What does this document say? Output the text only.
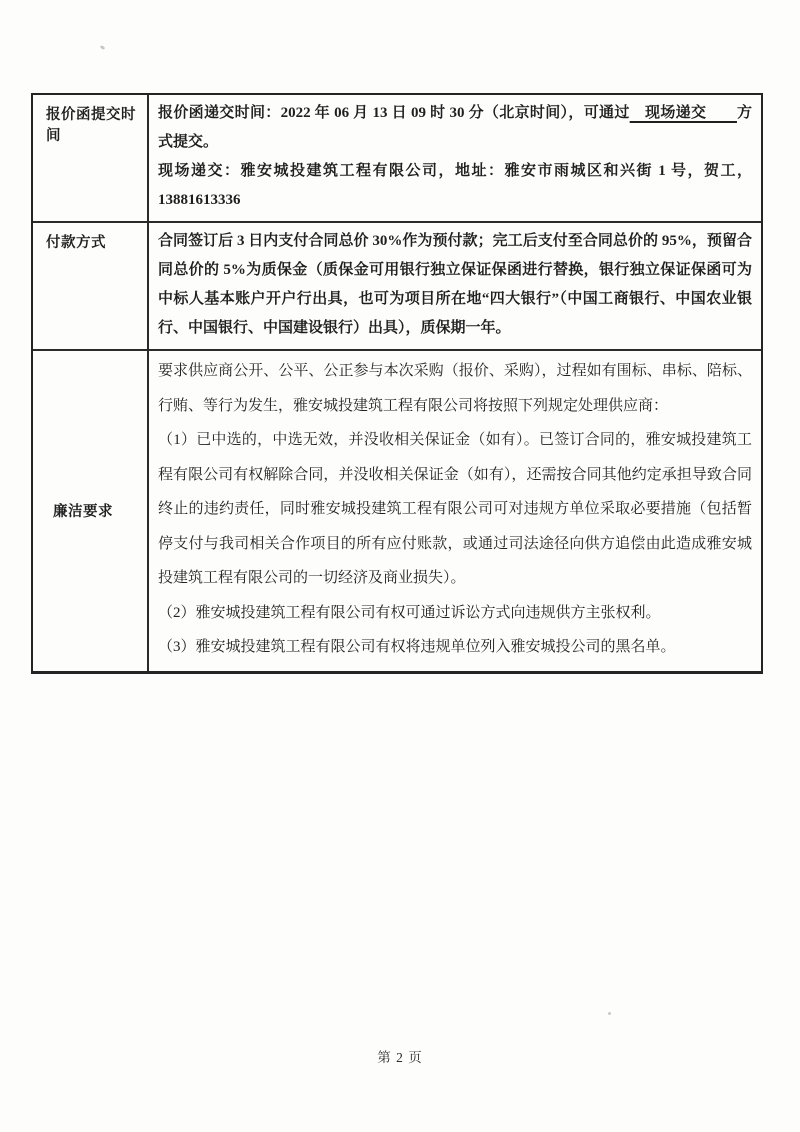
报价函提交时间

报价函递交时间：2022 年 06 月 13 日 09 时 30 分（北京时间），可通过　现场递交　　方式提交。

现场递交：雅安城投建筑工程有限公司，地址：雅安市雨城区和兴街 1 号，贺工，13881613336

付款方式	合同签订后 3 日内支付合同总价 30%作为预付款；完工后支付至合同总价的 95%，预留合同总价的 5%为质保金（质保金可用银行独立保证保函进行替换，银行独立保证保函可为中标人基本账户开户行出具，也可为项目所在地“四大银行”（中国工商银行、中国农业银行、中国银行、中国建设银行）出具），质保期一年。

廉洁要求

要求供应商公开、公平、公正参与本次采购（报价、采购），过程如有围标、串标、陪标、行贿、等行为发生，雅安城投建筑工程有限公司将按照下列规定处理供应商：

（1）已中选的，中选无效，并没收相关保证金（如有）。已签订合同的，雅安城投建筑工程有限公司有权解除合同，并没收相关保证金（如有），还需按合同其他约定承担导致合同终止的违约责任，同时雅安城投建筑工程有限公司可对违规方单位采取必要措施（包括暂停支付与我司相关合作项目的所有应付账款，或通过司法途径向供方追偿由此造成雅安城投建筑工程有限公司的一切经济及商业损失）。

（2）雅安城投建筑工程有限公司有权可通过诉讼方式向违规供方主张权利。

（3）雅安城投建筑工程有限公司有权将违规单位列入雅安城投公司的黑名单。

第 2 页
